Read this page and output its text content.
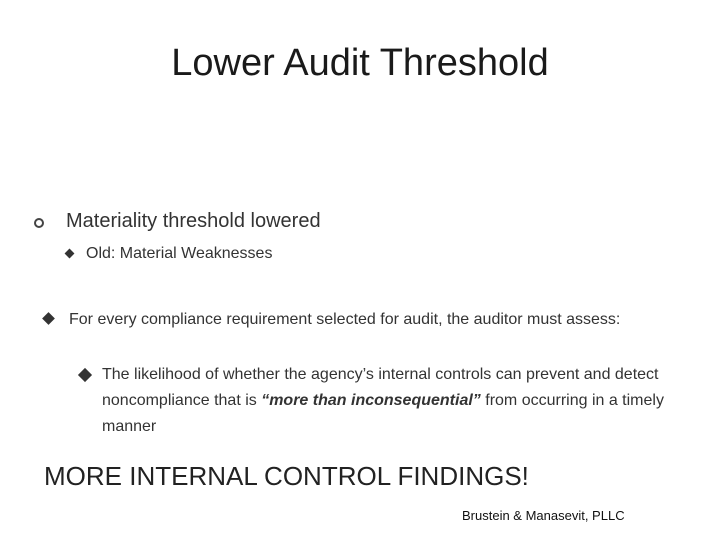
Lower Audit Threshold
Materiality threshold lowered
Old: Material Weaknesses
For every compliance requirement selected for audit, the auditor must assess:
The likelihood of whether the agency’s internal controls can prevent and detect noncompliance that is “more than inconsequential” from occurring in a timely manner
MORE INTERNAL CONTROL FINDINGS!
Brustein & Manasevit, PLLC
